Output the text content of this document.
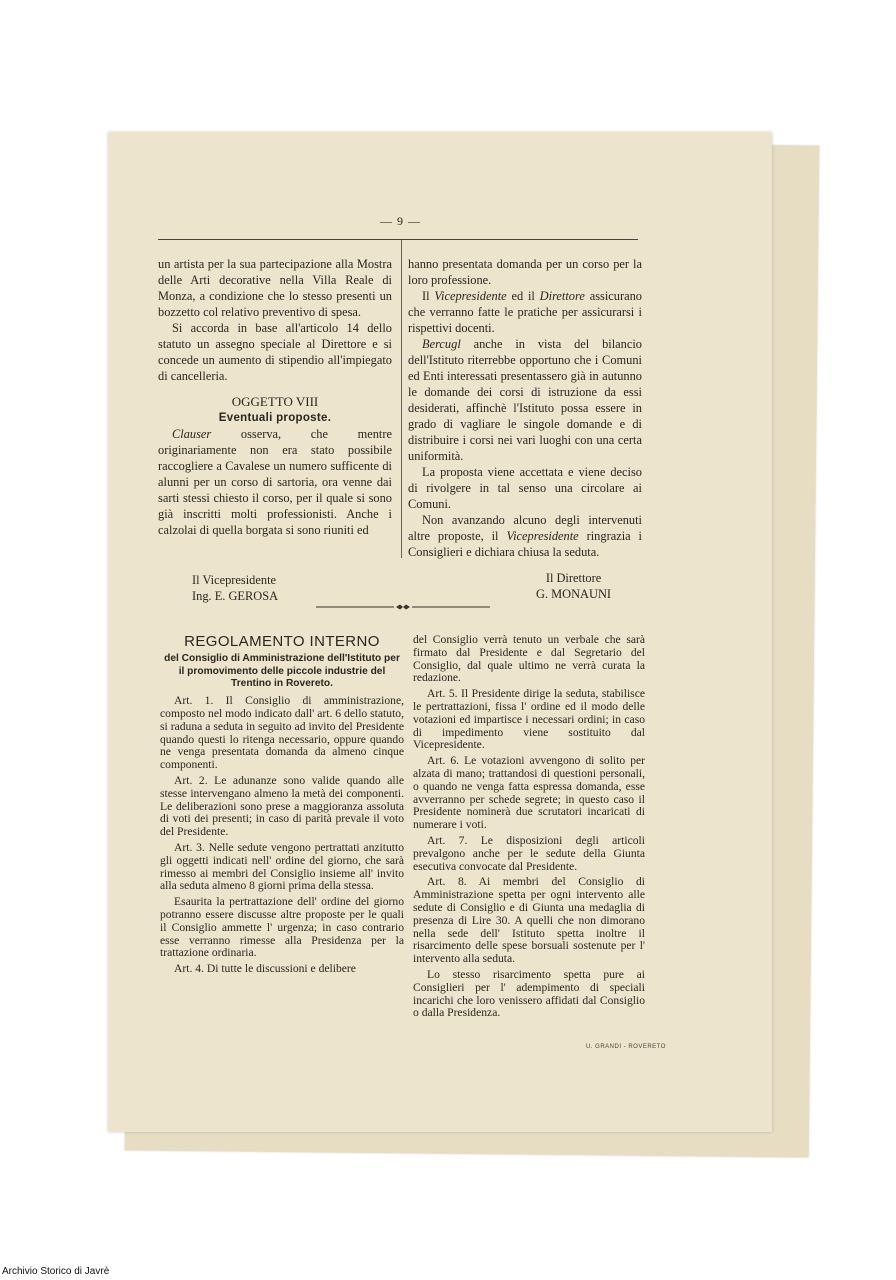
— 9 —

un artista per la sua partecipazione alla Mostra delle Arti decorative nella Villa Reale di Monza, a condizione che lo stesso presenti un bozzetto col relativo preventivo di spesa.

Si accorda in base all'articolo 14 dello statuto un assegno speciale al Direttore e si concede un aumento di stipendio all'impiegato di cancelleria.

OGGETTO VIII

Eventuali proposte.

Clauser osserva, che mentre originariamente non era stato possibile raccogliere a Cavalese un numero sufficente di alunni per un corso di sartoria, ora venne dai sarti stessi chiesto il corso, per il quale si sono già inscritti molti professionisti. Anche i calzolai di quella borgata si sono riuniti ed

hanno presentata domanda per un corso per la loro professione.

Il Vicepresidente ed il Direttore assicurano che verranno fatte le pratiche per assicurarsi i rispettivi docenti.

Bercugl anche in vista del bilancio dell'Istituto riterrebbe opportuno che i Comuni ed Enti interessati presentassero già in autunno le domande dei corsi di istruzione da essi desiderati, affinchè l'Istituto possa essere in grado di vagliare le singole domande e di distribuire i corsi nei vari luoghi con una certa uniformità.

La proposta viene accettata e viene deciso di rivolgere in tal senso una circolare ai Comuni.

Non avanzando alcuno degli intervenuti altre proposte, il Vicepresidente ringrazia i Consiglieri e dichiara chiusa la seduta.

Il Vicepresidente
Ing. E. GEROSA
Il Direttore
G. MONAUNI

REGOLAMENTO INTERNO

del Consiglio di Amministrazione dell'Istituto per il promovimento delle piccole industrie del Trentino in Rovereto.

Art. 1. Il Consiglio di amministrazione, composto nel modo indicato dall' art. 6 dello statuto, si raduna a seduta in seguito ad invito del Presidente quando questi lo ritenga necessario, oppure quando ne venga presentata domanda da almeno cinque componenti.

Art. 2. Le adunanze sono valide quando alle stesse intervengano almeno la metà dei componenti. Le deliberazioni sono prese a maggioranza assoluta di voti dei presenti; in caso di parità prevale il voto del Presidente.

Art. 3. Nelle sedute vengono pertrattati anzitutto gli oggetti indicati nell' ordine del giorno, che sarà rimesso ai membri del Consiglio insieme all' invito alla seduta almeno 8 giorni prima della stessa.

Esaurita la pertrattazione dell' ordine del giorno potranno essere discusse altre proposte per le quali il Consiglio ammette l' urgenza; in caso contrario esse verranno rimesse alla Presidenza per la trattazione ordinaria.

Art. 4. Di tutte le discussioni e delibere

del Consiglio verrà tenuto un verbale che sarà firmato dal Presidente e dal Segretario del Consiglio, dal quale ultimo ne verrà curata la redazione.

Art. 5. Il Presidente dirige la seduta, stabilisce le pertrattazioni, fissa l' ordine ed il modo delle votazioni ed impartisce i necessari ordini; in caso di impedimento viene sostituito dal Vicepresidente.

Art. 6. Le votazioni avvengono di solito per alzata di mano; trattandosi di questioni personali, o quando ne venga fatta espressa domanda, esse avverranno per schede segrete; in questo caso il Presidente nominerà due scrutatori incaricati di numerare i voti.

Art. 7. Le disposizioni degli articoli prevalgono anche per le sedute della Giunta esecutiva convocate dal Presidente.

Art. 8. Ai membri del Consiglio di Amministrazione spetta per ogni intervento alle sedute di Consiglio e di Giunta una medaglia di presenza di Lire 30. A quelli che non dimorano nella sede dell' Istituto spetta inoltre il risarcimento delle spese borsuali sostenute per l' intervento alla seduta.

Lo stesso risarcimento spetta pure ai Consiglieri per l' adempimento di speciali incarichi che loro venissero affidati dal Consiglio o dalla Presidenza.

U. GRANDI - ROVERETO
Archivio Storico di Javrè
